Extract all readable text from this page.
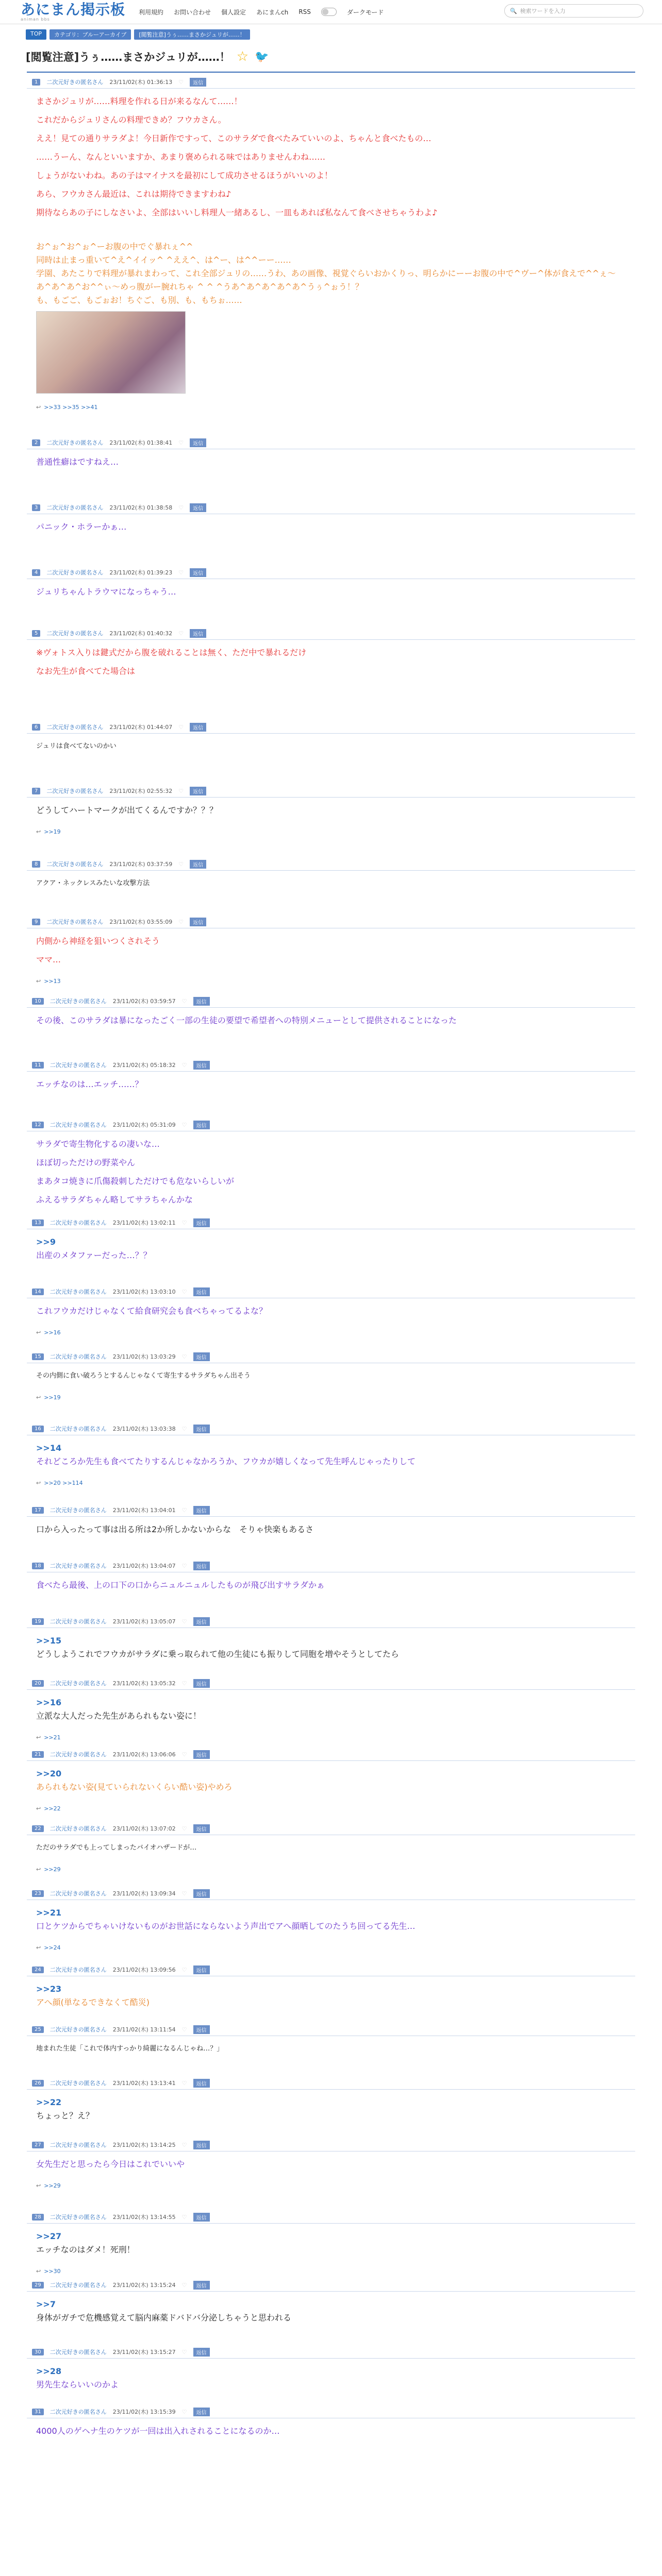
あにまん掲示板
animan bbs
利用規約 お問い合わせ 個人設定 あにまんch RSS	ダークモード	🔍 検索ワードを入力
TOP	カテゴリ：ブルーアーカイブ	[閲覧注意]うぅ……まさかジュリが……！
[閲覧注意]うぅ……まさかジュリが……！ ☆ 🐦
1	二次元好きの匿名さん 23/11/02(木) 01:36:13 ♡	返信
まさかジュリが……料理を作れる日が来るなんて……！
これだからジュリさんの料理できめ？フウカさん。
ええ！見ての通りサラダよ！今日新作ですって、このサラダで食べたみていいのよ、ちゃんと食べたもの…
……うーん、なんといいますか、あまり褒められる味ではありませんわね……
しょうがないわね。あの子はマイナスを最初にして成功させるほうがいいのよ！
あら、フウカさん最近は、これは期待できますわね♪
期待ならあの子にしなさいよ、全部はいいし料理人一緒あるし、一皿もあれば私なんて食べさせちゃうわよ♪
お^ぉ^お^ぉ^ーお腹の中でぐ暴れぇ^^
同時は止まっ重いて^え^イイッ^ ^ええ^、は^ー、は^^ーー……
学園、あたこりで料理が暴れまわって、これ全部ジュリの……うわ、あの画像、視覚ぐらいおかくりっ、明らかにーーお腹の中で^ヴー^体が食えで^^ぇ～
あ^あ^あ^お^^ぃ～めっ腹がー腕れちゃ ^ ^ ^うあ^あ^あ^あ^あ^うぅ^ぉう！？
も、もごご、もごぉお！ちぐご、も別、も、もちぉ……
↩ >>33 >>35 >>41
2	二次元好きの匿名さん 23/11/02(木) 01:38:41 ♡	返信
普通性癖はですねえ…
3	二次元好きの匿名さん 23/11/02(木) 01:38:58 ♡	返信
パニック・ホラーかぁ…
4	二次元好きの匿名さん 23/11/02(木) 01:39:23 ♡	返信
ジュリちゃんトラウマになっちゃう…
5	二次元好きの匿名さん 23/11/02(木) 01:40:32 ♡	返信
※ヴォトス入りは鍵式だから腹を破れることは無く、ただ中で暴れるだけ
なお先生が食べてた場合は
6	二次元好きの匿名さん 23/11/02(木) 01:44:07 ♡	返信
ジュリは食べてないのかい
7	二次元好きの匿名さん 23/11/02(木) 02:55:32 ♡	返信
どうしてハートマークが出てくるんですか？？？
↩ >>19
8	二次元好きの匿名さん 23/11/02(木) 03:37:59 ♡	返信
アクア・ネックレスみたいな攻撃方法
9	二次元好きの匿名さん 23/11/02(木) 03:55:09 ♡	返信
内側から神経を狙いつくされそう
ママ…
↩ >>13
10	二次元好きの匿名さん 23/11/02(木) 03:59:57 ♡	返信
その後、このサラダは暴になったごく一部の生徒の要望で希望者への特別メニューとして提供されることになった
11	二次元好きの匿名さん 23/11/02(木) 05:18:32 ♡	返信
エッチなのは…エッチ……？
12	二次元好きの匿名さん 23/11/02(木) 05:31:09 ♡	返信
サラダで寄生物化するの凄いな…
ほぼ切っただけの野菜やん
まあタコ焼きに爪傷殺刺しただけでも危ないらしいが
ふえるサラダちゃん略してサラちゃんかな
13	二次元好きの匿名さん 23/11/02(木) 13:02:11 ♡	返信
>>9
出産のメタファーだった…？？
14	二次元好きの匿名さん 23/11/02(木) 13:03:10 ♡	返信
これフウカだけじゃなくて給食研究会も食べちゃってるよな？
↩ >>16
15	二次元好きの匿名さん 23/11/02(木) 13:03:29 ♡	返信
その内側に食い破ろうとするんじゃなくて寄生するサラダちゃん出そう
↩ >>19
16	二次元好きの匿名さん 23/11/02(木) 13:03:38 ♡	返信
>>14
それどころか先生も食べてたりするんじゃなかろうか、フウカが嬉しくなって先生呼んじゃったりして
↩ >>20 >>114
17	二次元好きの匿名さん 23/11/02(木) 13:04:01 ♡	返信
口から入ったって事は出る所は2か所しかないからな　そりゃ快楽もあるさ
18	二次元好きの匿名さん 23/11/02(木) 13:04:07 ♡	返信
食べたら最後、上の口下の口からニュルニュルしたものが飛び出すサラダかぁ
19	二次元好きの匿名さん 23/11/02(木) 13:05:07 ♡	返信
>>15
どうしようこれでフウカがサラダに乗っ取られて他の生徒にも振りして同胞を増やそうとしてたら
20	二次元好きの匿名さん 23/11/02(木) 13:05:32 ♡	返信
>>16
立派な大人だった先生があられもない姿に！
↩ >>21
21	二次元好きの匿名さん 23/11/02(木) 13:06:06 ♡	返信
>>20
あられもない姿(見ていられないくらい酷い姿)やめろ
↩ >>22
22	二次元好きの匿名さん 23/11/02(木) 13:07:02 ♡	返信
ただのサラダでも上ってしまったバイオハザードが…
↩ >>29
23	二次元好きの匿名さん 23/11/02(木) 13:09:34 ♡	返信
>>21
口とケツからでちゃいけないものがお世話にならないよう声出でアへ顔晒してのたうち回ってる先生…
↩ >>24
24	二次元好きの匿名さん 23/11/02(木) 13:09:56 ♡	返信
>>23
アへ顔(単なるできなくて酷災)
25	二次元好きの匿名さん 23/11/02(木) 13:11:54 ♡	返信
地まれた生徒「これで体内すっかり綺麗になるんじゃね…？」
26	二次元好きの匿名さん 23/11/02(木) 13:13:41 ♡	返信
>>22
ちょっと？え？
27	二次元好きの匿名さん 23/11/02(木) 13:14:25 ♡	返信
女先生だと思ったら今日はこれでいいや
↩ >>29
28	二次元好きの匿名さん 23/11/02(木) 13:14:55 ♡	返信
>>27
エッチなのはダメ！死刑！
↩ >>30
29	二次元好きの匿名さん 23/11/02(木) 13:15:24 ♡	返信
>>7
身体がガチで危機感覚えて脳内麻薬ドバドバ分泌しちゃうと思われる
30	二次元好きの匿名さん 23/11/02(木) 13:15:27 ♡	返信
>>28
男先生ならいいのかよ
31	二次元好きの匿名さん 23/11/02(木) 13:15:39 ♡	返信
4000人のゲヘナ生のケツが一回は出入れされることになるのか…
